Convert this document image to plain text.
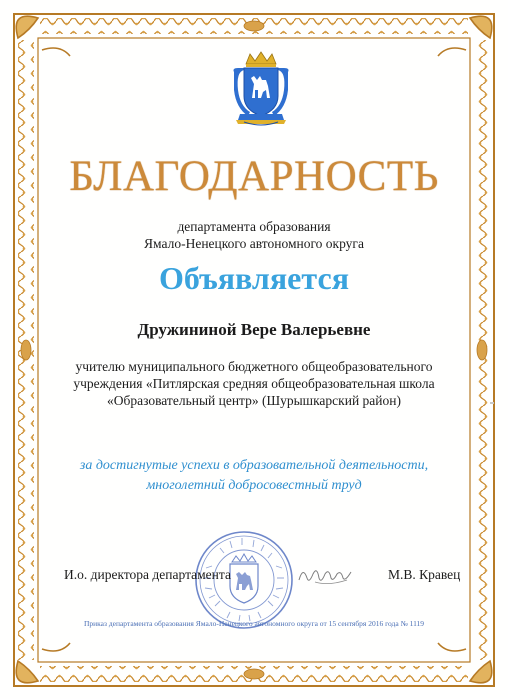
БЛАГОДАРНОСТЬ
департамента образования
Ямало-Ненецкого автономного округа
Объявляется
Дружининой Вере Валерьевне
учителю муниципального бюджетного общеобразовательного
учреждения «Питлярская средняя общеобразовательная школа
«Образовательный центр» (Шурышкарский район)
за достигнутые успехи в образовательной деятельности,
многолетний добросовестный труд
И.о. директора департамента	М.В. Кравец
Приказ департамента образования Ямало-Ненецкого автономного округа от 15 сентября 2016 года № 1119
